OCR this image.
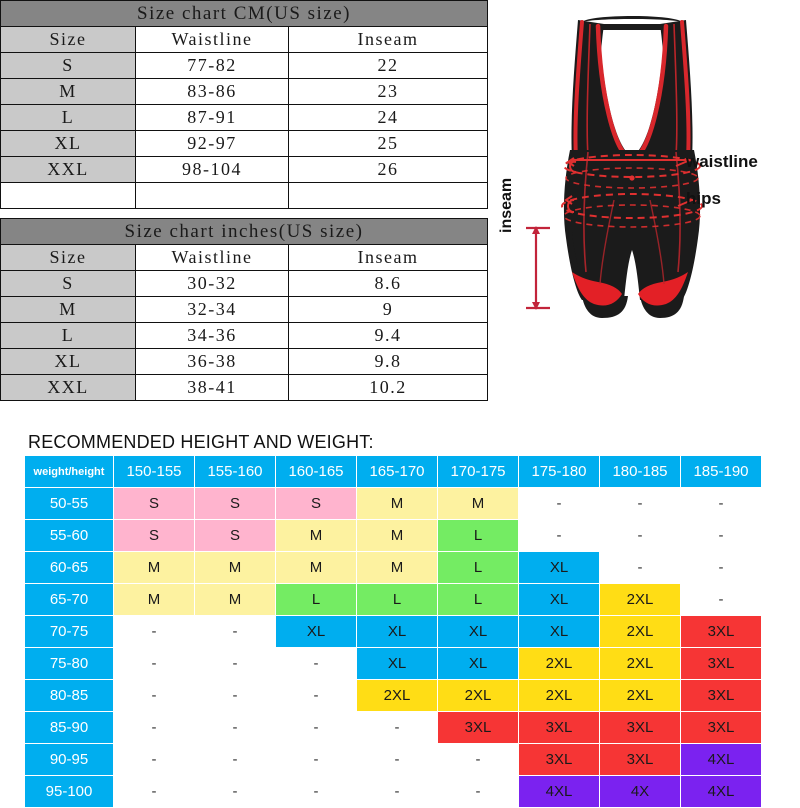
Size chart CM(US size)		
Size	Waistline	Inseam
S	77-82	22
M	83-86	23
L	87-91	24
XL	92-97	25
XXL	98-104	26

Size chart inches(US size)		
Size	Waistline	Inseam
S	30-32	8.6
M	32-34	9
L	34-36	9.4
XL	36-38	9.8
XXL	38-41	10.2
waistline
hips
inseam
RECOMMENDED HEIGHT AND WEIGHT:
weight/height	150-155	155-160	160-165	165-170	170-175	175-180	180-185	185-190
50-55	S	S	S	M	M	-	-	-
55-60	S	S	M	M	L	-	-	-
60-65	M	M	M	M	L	XL	-	-
65-70	M	M	L	L	L	XL	2XL	-
70-75	-	-	XL	XL	XL	XL	2XL	3XL
75-80	-	-	-	XL	XL	2XL	2XL	3XL
80-85	-	-	-	2XL	2XL	2XL	2XL	3XL
85-90	-	-	-	-	3XL	3XL	3XL	3XL
90-95	-	-	-	-	-	3XL	3XL	4XL
95-100	-	-	-	-	-	4XL	4X	4XL
